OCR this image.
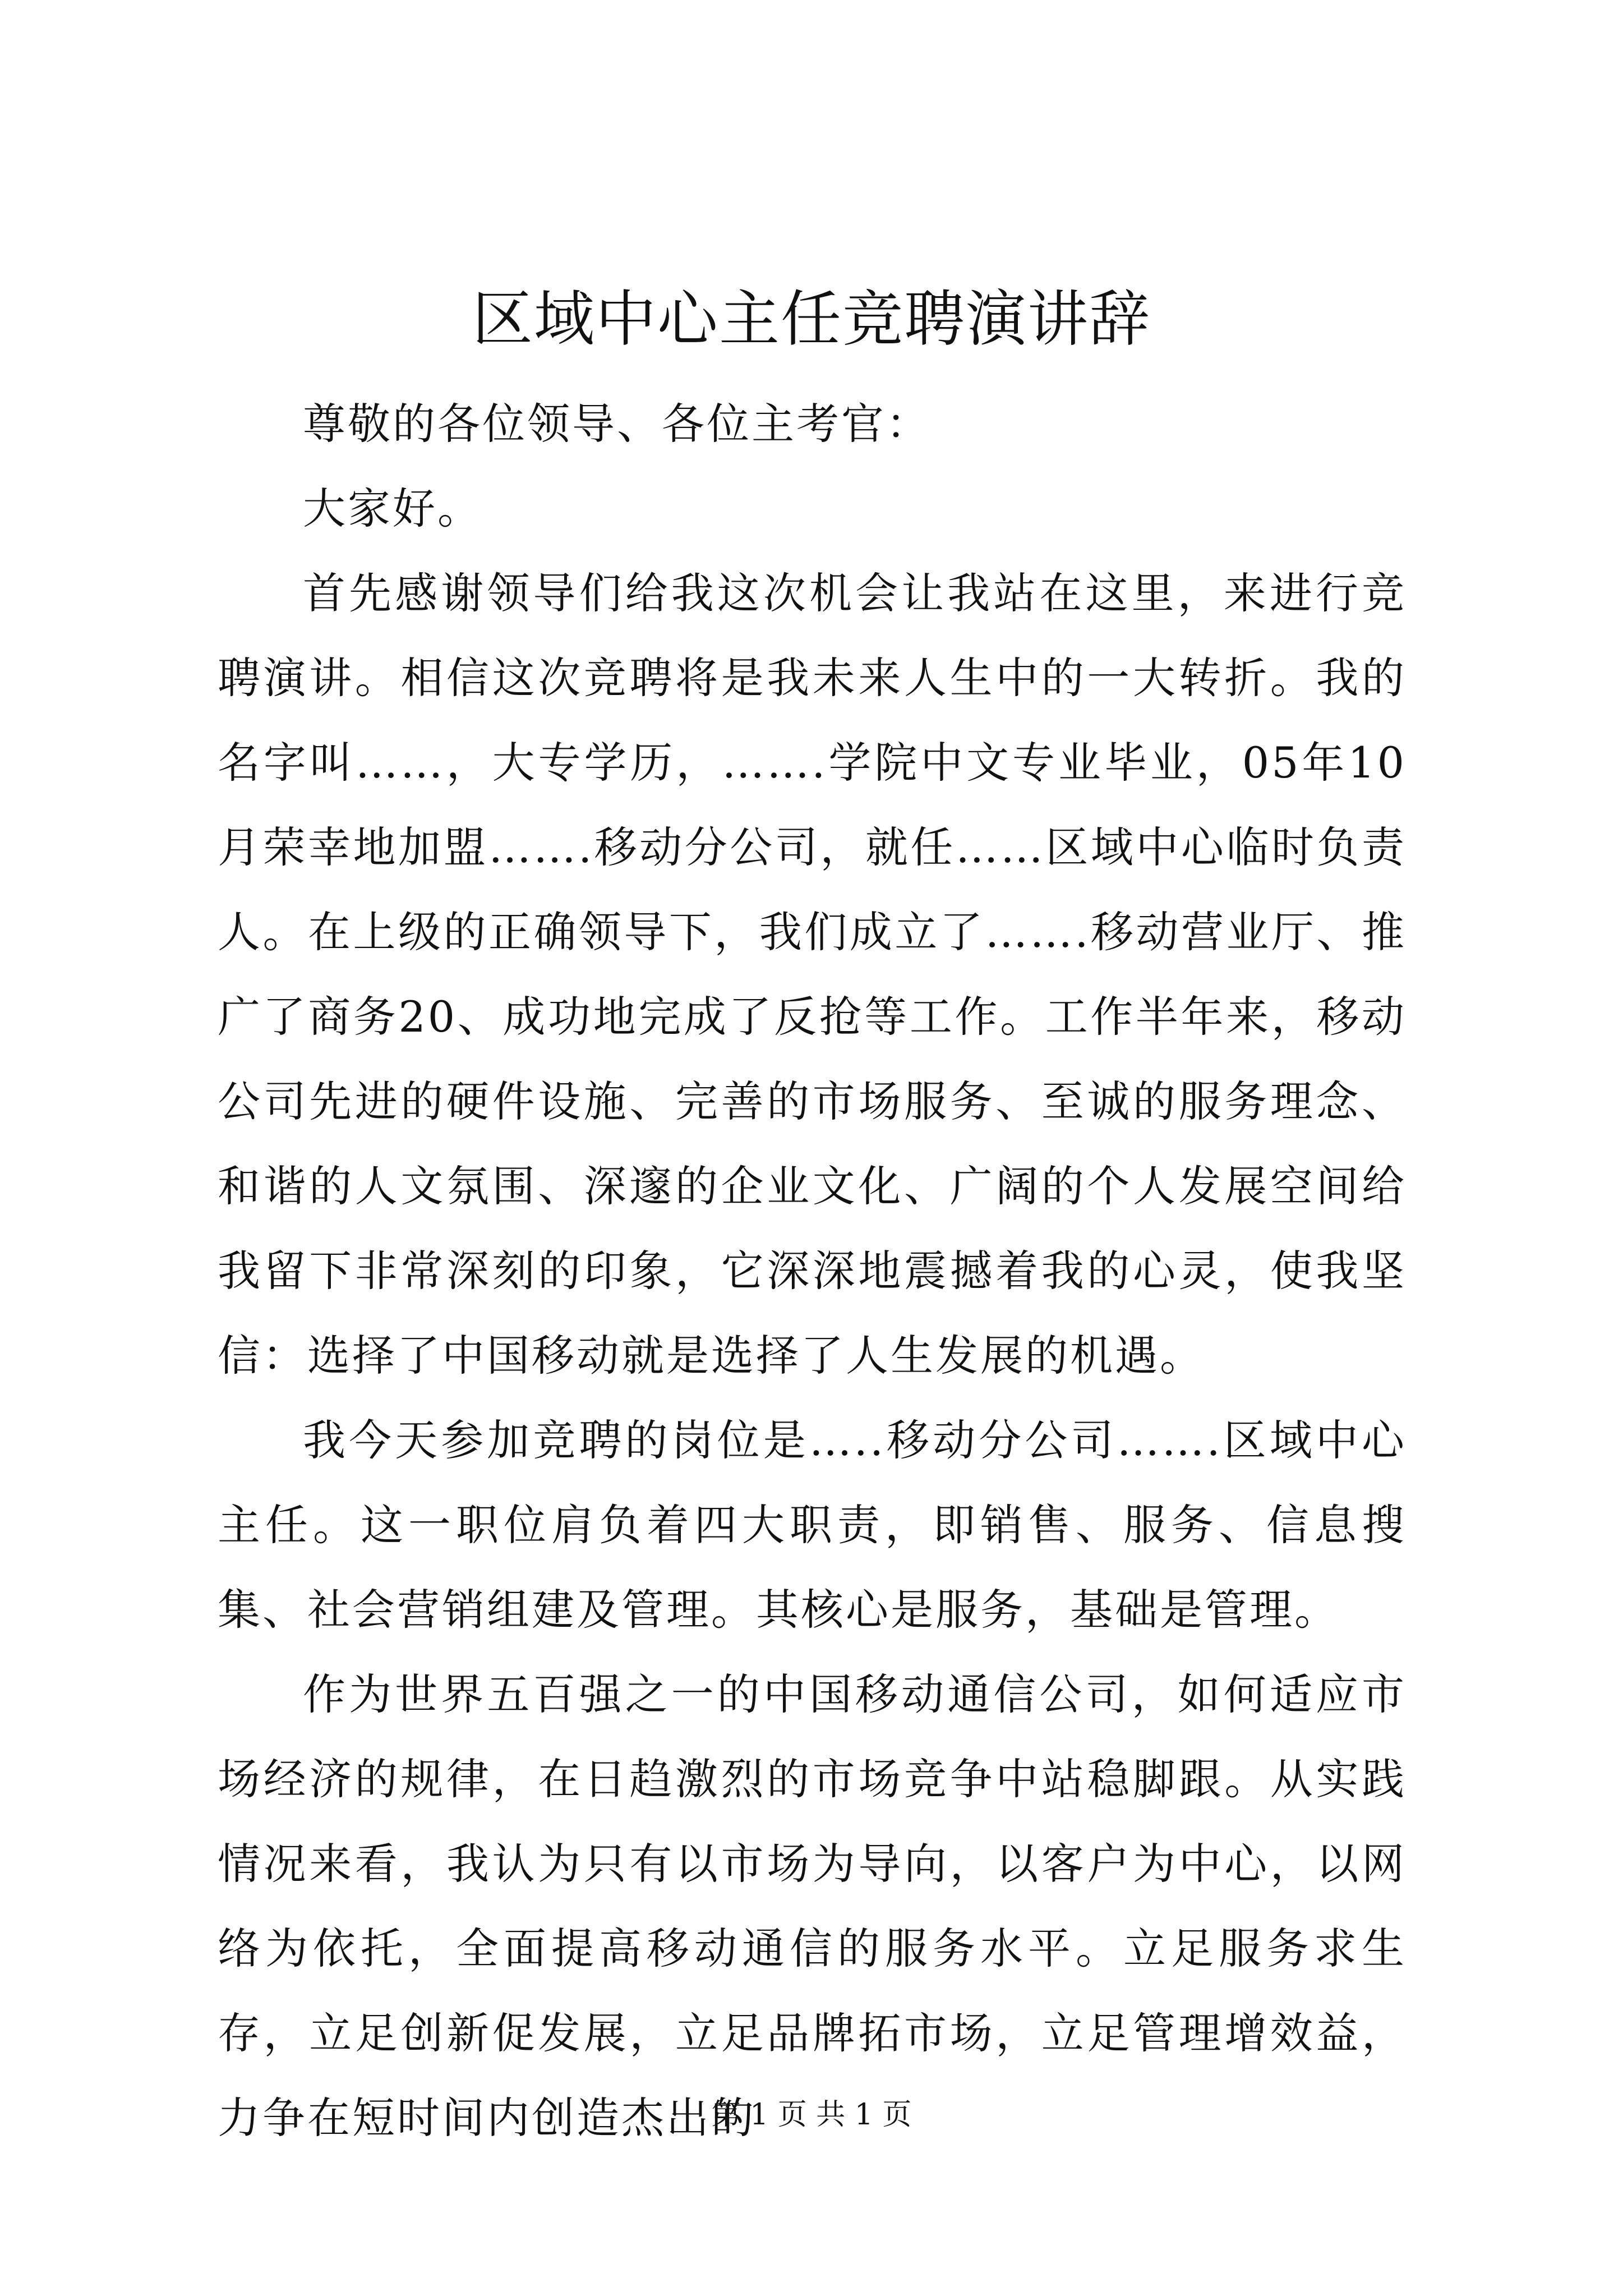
区域中心主任竞聘演讲辞

尊敬的各位领导、各位主考官：

大家好。

首先感谢领导们给我这次机会让我站在这里，来进行竞聘演讲。相信这次竞聘将是我未来人生中的一大转折。我的名字叫……，大专学历，…….学院中文专业毕业，05年10月荣幸地加盟…….移动分公司，就任……区域中心临时负责人。在上级的正确领导下，我们成立了…….移动营业厅、推广了商务20、成功地完成了反抢等工作。工作半年来，移动公司先进的硬件设施、完善的市场服务、至诚的服务理念、和谐的人文氛围、深邃的企业文化、广阔的个人发展空间给我留下非常深刻的印象，它深深地震撼着我的心灵，使我坚信：选择了中国移动就是选择了人生发展的机遇。

我今天参加竞聘的岗位是…..移动分公司…….区域中心主任。这一职位肩负着四大职责，即销售、服务、信息搜集、社会营销组建及管理。其核心是服务，基础是管理。

作为世界五百强之一的中国移动通信公司，如何适应市场经济的规律，在日趋激烈的市场竞争中站稳脚跟。从实践情况来看，我认为只有以市场为导向，以客户为中心，以网络为依托，全面提高移动通信的服务水平。立足服务求生存，立足创新促发展，立足品牌拓市场，立足管理增效益，力争在短时间内创造杰出的

第 1 页 共 1 页
